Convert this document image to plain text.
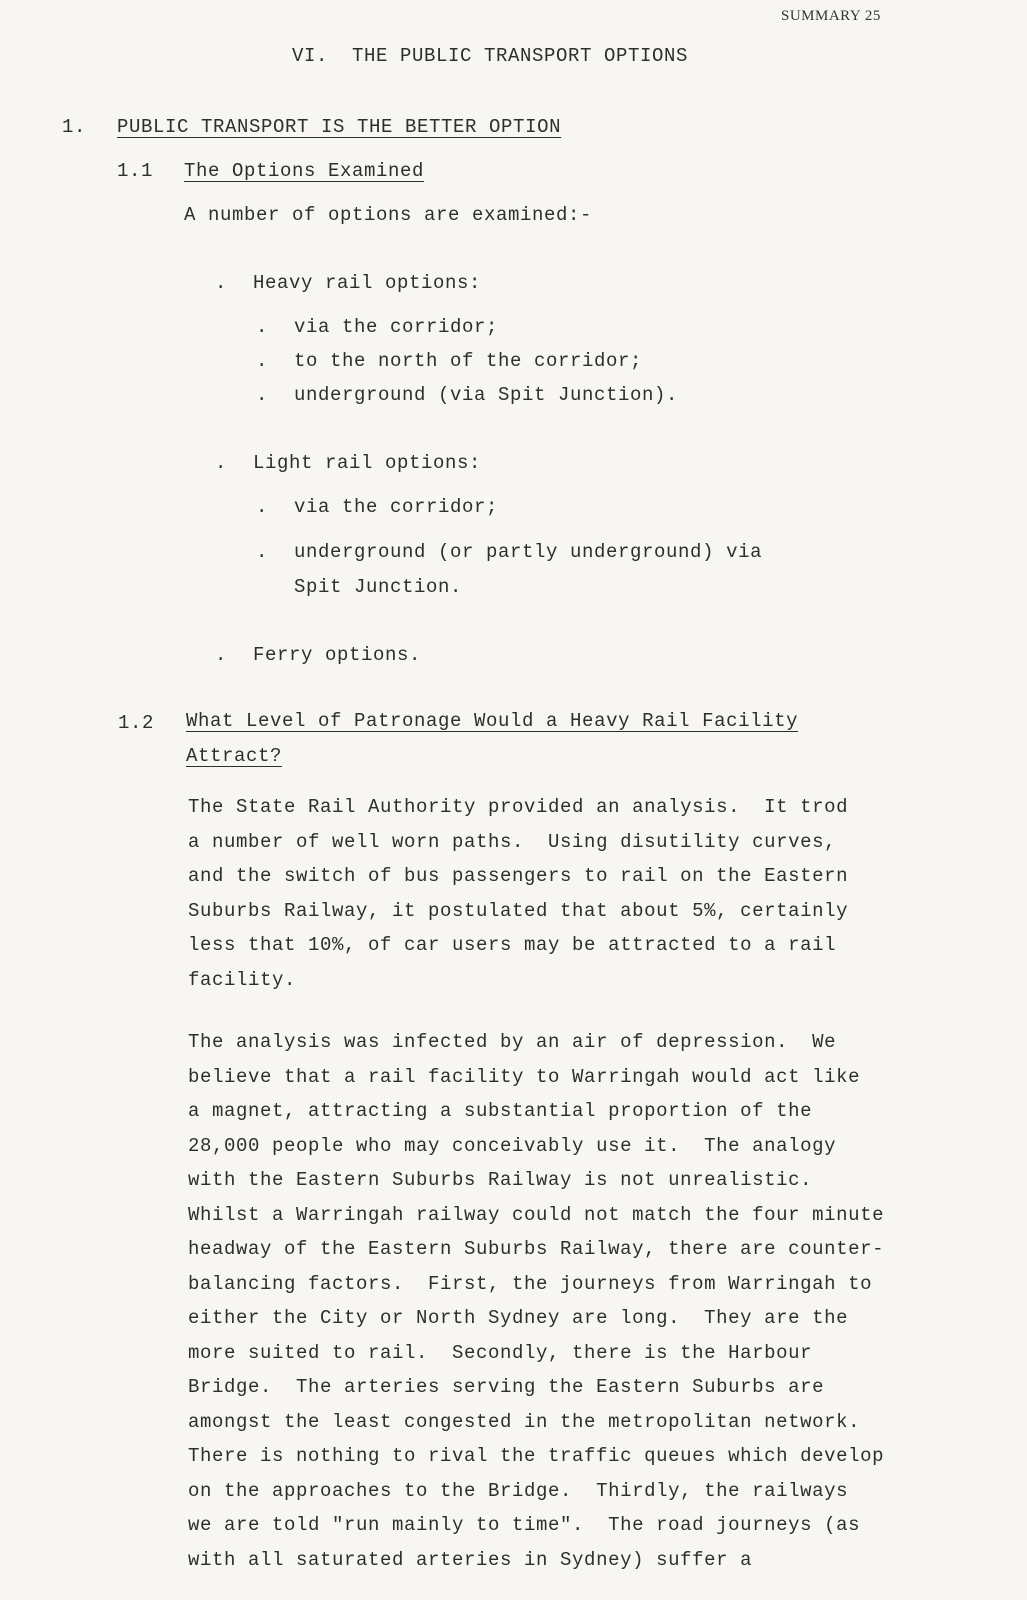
SUMMARY 25
VI.  THE PUBLIC TRANSPORT OPTIONS
1. PUBLIC TRANSPORT IS THE BETTER OPTION
1.1 The Options Examined
A number of options are examined:-
. Heavy rail options:
. via the corridor;
. to the north of the corridor;
. underground (via Spit Junction).
. Light rail options:
. via the corridor;
. underground (or partly underground) via
Spit Junction.
. Ferry options.
1.2 What Level of Patronage Would a Heavy Rail Facility
Attract?
The State Rail Authority provided an analysis.  It trod
a number of well worn paths.  Using disutility curves,
and the switch of bus passengers to rail on the Eastern
Suburbs Railway, it postulated that about 5%, certainly
less that 10%, of car users may be attracted to a rail
facility.
The analysis was infected by an air of depression.  We
believe that a rail facility to Warringah would act like
a magnet, attracting a substantial proportion of the
28,000 people who may conceivably use it.  The analogy
with the Eastern Suburbs Railway is not unrealistic.
Whilst a Warringah railway could not match the four minute
headway of the Eastern Suburbs Railway, there are counter-
balancing factors.  First, the journeys from Warringah to
either the City or North Sydney are long.  They are the
more suited to rail.  Secondly, there is the Harbour
Bridge.  The arteries serving the Eastern Suburbs are
amongst the least congested in the metropolitan network.
There is nothing to rival the traffic queues which develop
on the approaches to the Bridge.  Thirdly, the railways
we are told "run mainly to time".  The road journeys (as
with all saturated arteries in Sydney) suffer a
